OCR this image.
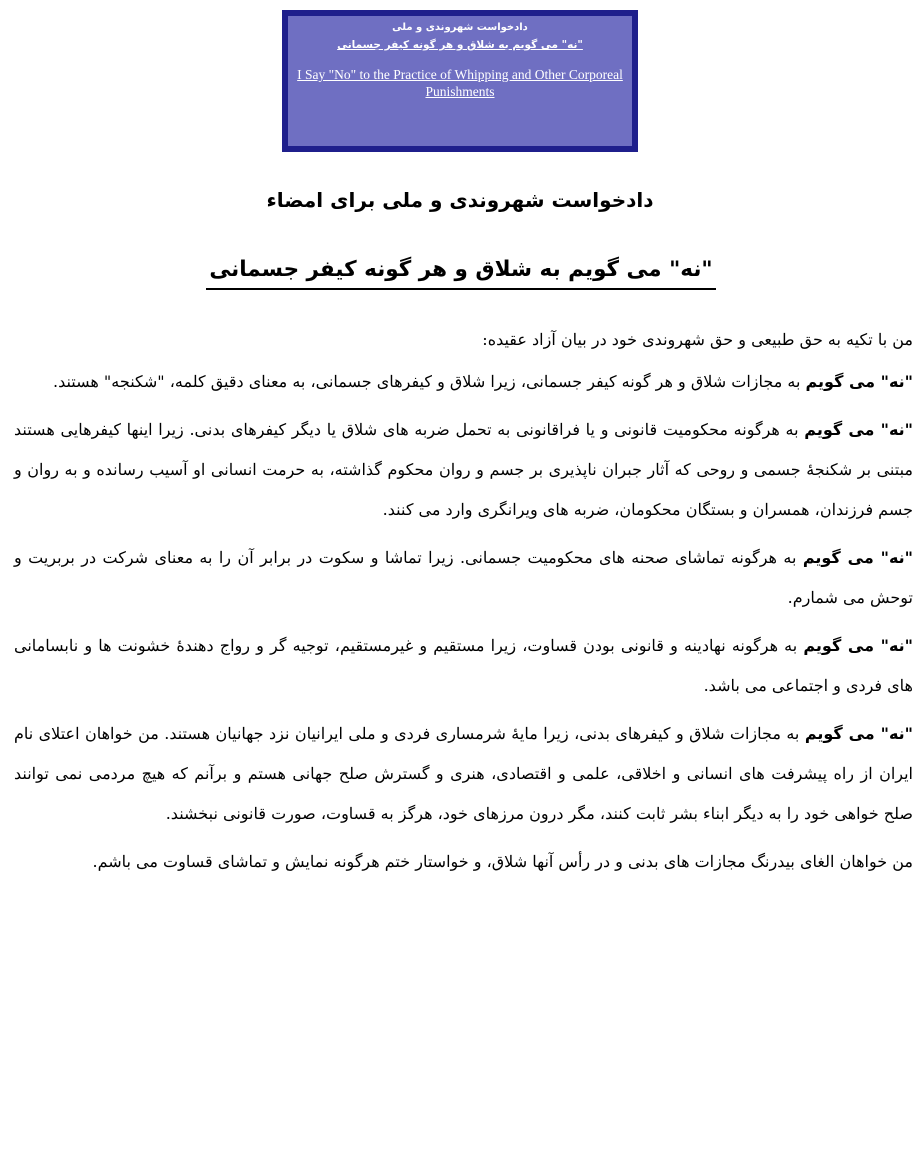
دادخواست شهروندی و ملی
"نه" می گویم به شلاق و هر گونه کیفر جسمانی
I Say "No" to the Practice of Whipping and Other Corporeal Punishments
دادخواست شهروندی و ملی برای امضاء
"نه" می گویم به شلاق و هر گونه کیفر جسمانی

من با تکیه به حق طبیعی و حق شهروندی خود در بیان آزاد عقیده:

"نه" می گویم به مجازات شلاق و هر گونه کیفر جسمانی، زیرا شلاق و کیفرهای جسمانی، به معنای دقیق کلمه، "شکنجه" هستند.

"نه" می گویم به هرگونه محکومیت قانونی و یا فراقانونی به تحمل ضربه های شلاق یا دیگر کیفرهای بدنی. زیرا اینها کیفرهایی هستند مبتنی بر شکنجۀ جسمی و روحی که آثار جبران ناپذیری بر جسم و روان محکوم گذاشته، به حرمت انسانی او آسیب رسانده و به روان و جسم فرزندان، همسران و بستگان محکومان، ضربه های ویرانگری وارد می کنند.

"نه" می گویم به هرگونه تماشای صحنه های محکومیت جسمانی. زیرا تماشا و سکوت در برابر آن را به معنای شرکت در بربریت و توحش می شمارم.

"نه" می گویم به هرگونه نهادینه و قانونی بودن قساوت، زیرا مستقیم و غیرمستقیم، توجیه گر و رواج دهندۀ خشونت ها و نابسامانی های فردی و اجتماعی می باشد.

"نه" می گویم به مجازات شلاق و کیفرهای بدنی، زیرا مایۀ شرمساری فردی و ملی ایرانیان نزد جهانیان هستند. من خواهان اعتلای نام ایران از راه پیشرفت های انسانی و اخلاقی، علمی و اقتصادی، هنری و گسترش صلح جهانی هستم و برآنم که هیچ مردمی نمی توانند صلح خواهی خود را به دیگر ابناء بشر ثابت کنند، مگر درون مرزهای خود، هرگز به قساوت، صورت قانونی نبخشند.

من خواهان الغای بیدرنگ مجازات های بدنی و در رأس آنها شلاق، و خواستار ختم هرگونه نمایش و تماشای قساوت می باشم.
